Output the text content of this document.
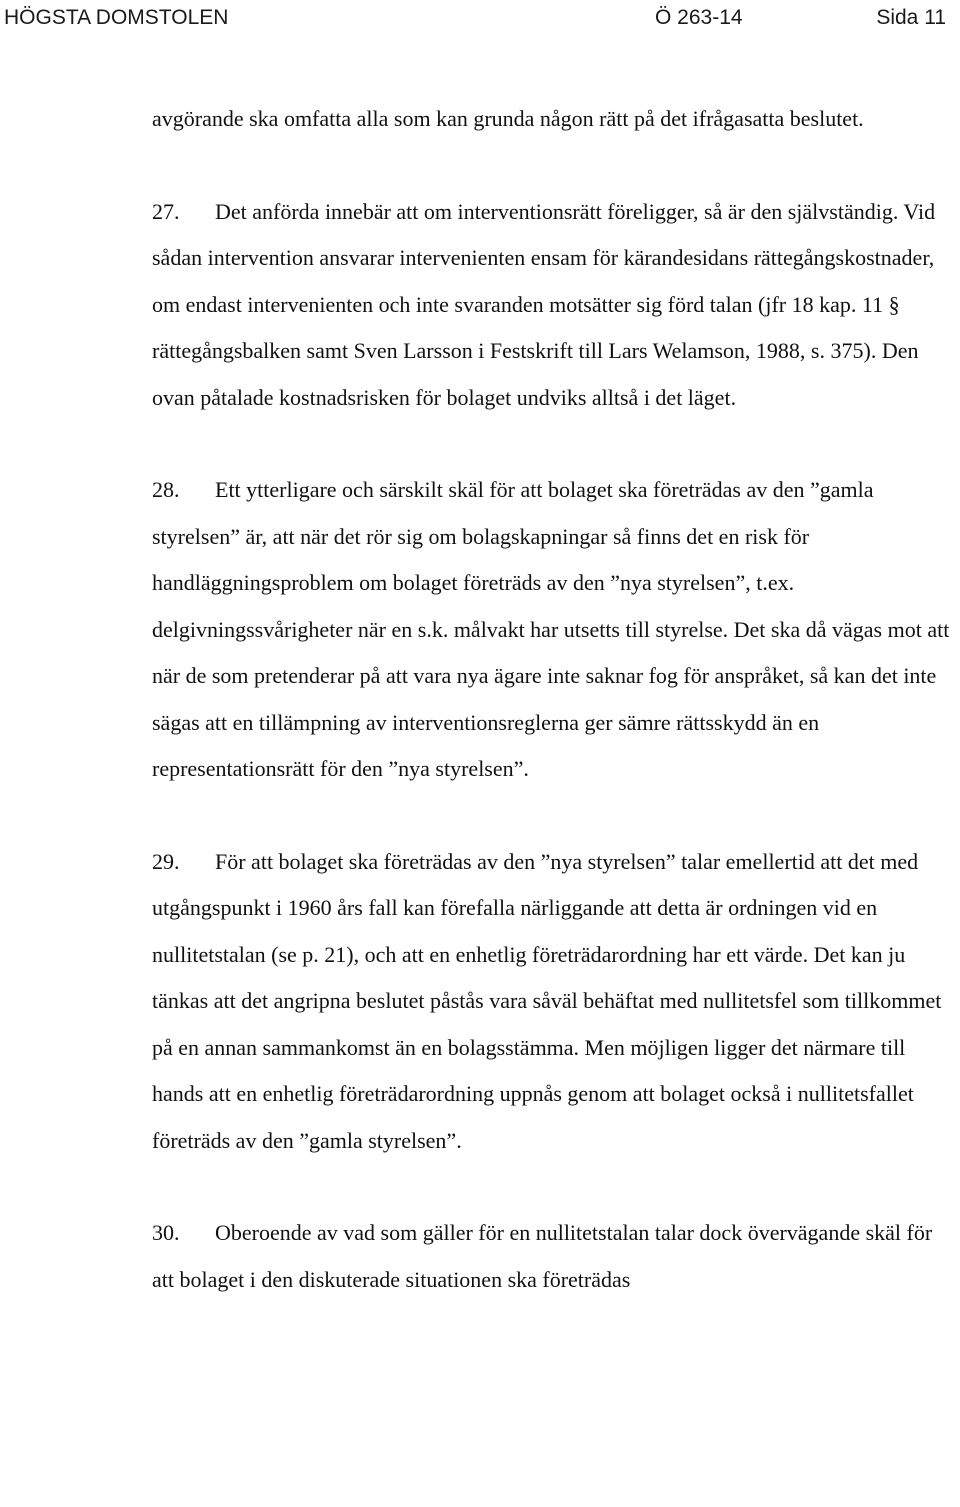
HÖGSTA DOMSTOLEN	Ö 263-14	Sida 11

avgörande ska omfatta alla som kan grunda någon rätt på det ifrågasatta beslutet.

27. Det anförda innebär att om interventionsrätt föreligger, så är den självständig. Vid sådan intervention ansvarar intervenienten ensam för kärandesidans rättegångskostnader, om endast intervenienten och inte svaranden motsätter sig förd talan (jfr 18 kap. 11 § rättegångsbalken samt Sven Larsson i Festskrift till Lars Welamson, 1988, s. 375). Den ovan påtalade kostnadsrisken för bolaget undviks alltså i det läget.

28. Ett ytterligare och särskilt skäl för att bolaget ska företrädas av den ”gamla styrelsen” är, att när det rör sig om bolagskapningar så finns det en risk för handläggningsproblem om bolaget företräds av den ”nya styrelsen”, t.ex. delgivningssvårigheter när en s.k. målvakt har utsetts till styrelse. Det ska då vägas mot att när de som pretenderar på att vara nya ägare inte saknar fog för anspråket, så kan det inte sägas att en tillämpning av interventionsreglerna ger sämre rättsskydd än en representationsrätt för den ”nya styrelsen”.

29. För att bolaget ska företrädas av den ”nya styrelsen” talar emellertid att det med utgångspunkt i 1960 års fall kan förefalla närliggande att detta är ordningen vid en nullitetstalan (se p. 21), och att en enhetlig företrädarordning har ett värde. Det kan ju tänkas att det angripna beslutet påstås vara såväl behäftat med nullitetsfel som tillkommet på en annan sammankomst än en bolagsstämma. Men möjligen ligger det närmare till hands att en enhetlig företrädarordning uppnås genom att bolaget också i nullitetsfallet företräds av den ”gamla styrelsen”.

30. Oberoende av vad som gäller för en nullitetstalan talar dock övervägande skäl för att bolaget i den diskuterade situationen ska företrädas
